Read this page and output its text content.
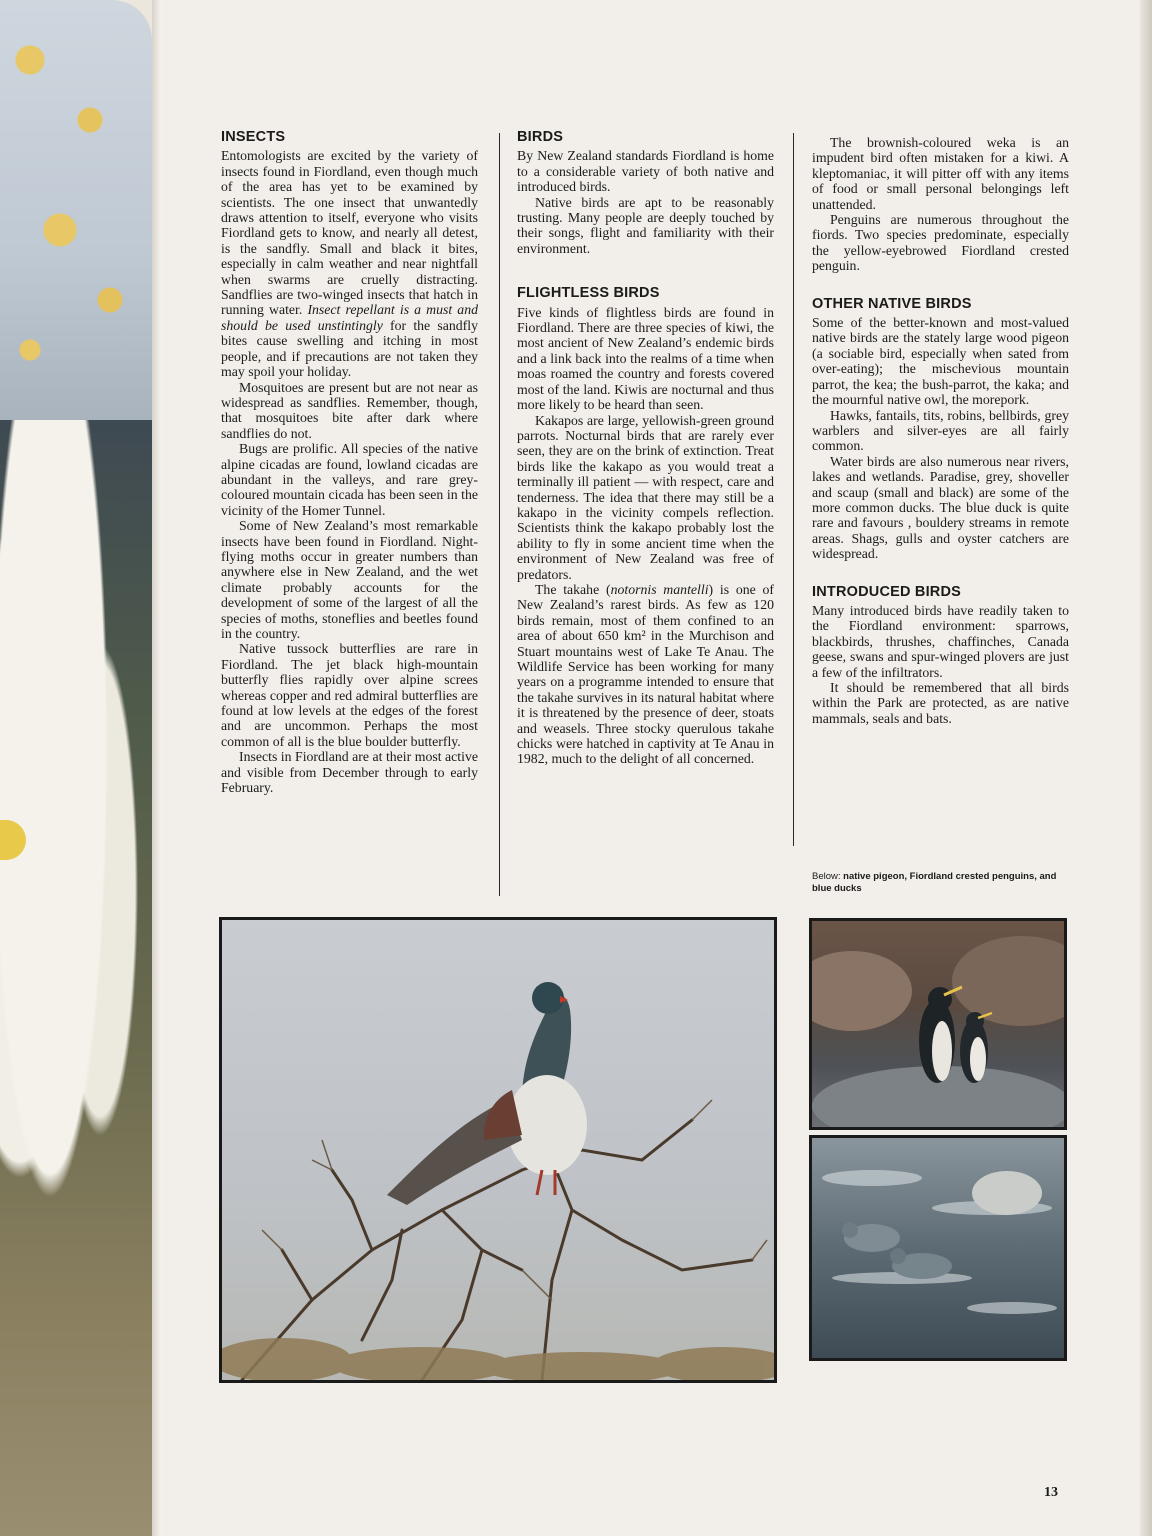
INSECTS

Entomologists are excited by the variety of insects found in Fiordland, even though much of the area has yet to be examined by scientists. The one insect that unwantedly draws attention to itself, everyone who visits Fiordland gets to know, and nearly all detest, is the sandfly. Small and black it bites, especially in calm weather and near nightfall when swarms are cruelly distracting. Sandflies are two-winged insects that hatch in running water. Insect repellant is a must and should be used unstintingly for the sandfly bites cause swelling and itching in most people, and if precautions are not taken they may spoil your holiday.

Mosquitoes are present but are not near as widespread as sandflies. Remember, though, that mosquitoes bite after dark where sandflies do not.

Bugs are prolific. All species of the native alpine cicadas are found, lowland cicadas are abundant in the valleys, and rare grey-coloured mountain cicada has been seen in the vicinity of the Homer Tunnel.

Some of New Zealand’s most remarkable insects have been found in Fiordland. Night-flying moths occur in greater numbers than anywhere else in New Zealand, and the wet climate probably accounts for the development of some of the largest of all the species of moths, stoneflies and beetles found in the country.

Native tussock butterflies are rare in Fiordland. The jet black high-mountain butterfly flies rapidly over alpine screes whereas copper and red admiral butterflies are found at low levels at the edges of the forest and are uncommon. Perhaps the most common of all is the blue boulder butterfly.

Insects in Fiordland are at their most active and visible from December through to early February.

BIRDS

By New Zealand standards Fiordland is home to a considerable variety of both native and introduced birds.

Native birds are apt to be reasonably trusting. Many people are deeply touched by their songs, flight and familiarity with their environment.

FLIGHTLESS BIRDS

Five kinds of flightless birds are found in Fiordland. There are three species of kiwi, the most ancient of New Zealand’s endemic birds and a link back into the realms of a time when moas roamed the country and forests covered most of the land. Kiwis are nocturnal and thus more likely to be heard than seen.

Kakapos are large, yellowish-green ground parrots. Nocturnal birds that are rarely ever seen, they are on the brink of extinction. Treat birds like the kakapo as you would treat a terminally ill patient — with respect, care and tenderness. The idea that there may still be a kakapo in the vicinity compels reflection. Scientists think the kakapo probably lost the ability to fly in some ancient time when the environment of New Zealand was free of predators.

The takahe (notornis mantelli) is one of New Zealand’s rarest birds. As few as 120 birds remain, most of them confined to an area of about 650 km² in the Murchison and Stuart mountains west of Lake Te Anau. The Wildlife Service has been working for many years on a programme intended to ensure that the takahe survives in its natural habitat where it is threatened by the presence of deer, stoats and weasels. Three stocky querulous takahe chicks were hatched in captivity at Te Anau in 1982, much to the delight of all concerned.

The brownish-coloured weka is an impudent bird often mistaken for a kiwi. A kleptomaniac, it will pitter off with any items of food or small personal belongings left unattended.

Penguins are numerous throughout the fiords. Two species predominate, especially the yellow-eyebrowed Fiordland crested penguin.

OTHER NATIVE BIRDS

Some of the better-known and most-valued native birds are the stately large wood pigeon (a sociable bird, especially when sated from over-eating); the mischevious mountain parrot, the kea; the bush-parrot, the kaka; and the mournful native owl, the morepork.

Hawks, fantails, tits, robins, bellbirds, grey warblers and silver-eyes are all fairly common.

Water birds are also numerous near rivers, lakes and wetlands. Paradise, grey, shoveller and scaup (small and black) are some of the more common ducks. The blue duck is quite rare and favours , bouldery streams in remote areas. Shags, gulls and oyster catchers are widespread.

INTRODUCED BIRDS

Many introduced birds have readily taken to the Fiordland environment: sparrows, blackbirds, thrushes, chaffinches, Canada geese, swans and spur-winged plovers are just a few of the infiltrators.

It should be remembered that all birds within the Park are protected, as are native mammals, seals and bats.

Below: native pigeon, Fiordland crested penguins, and blue ducks
13
